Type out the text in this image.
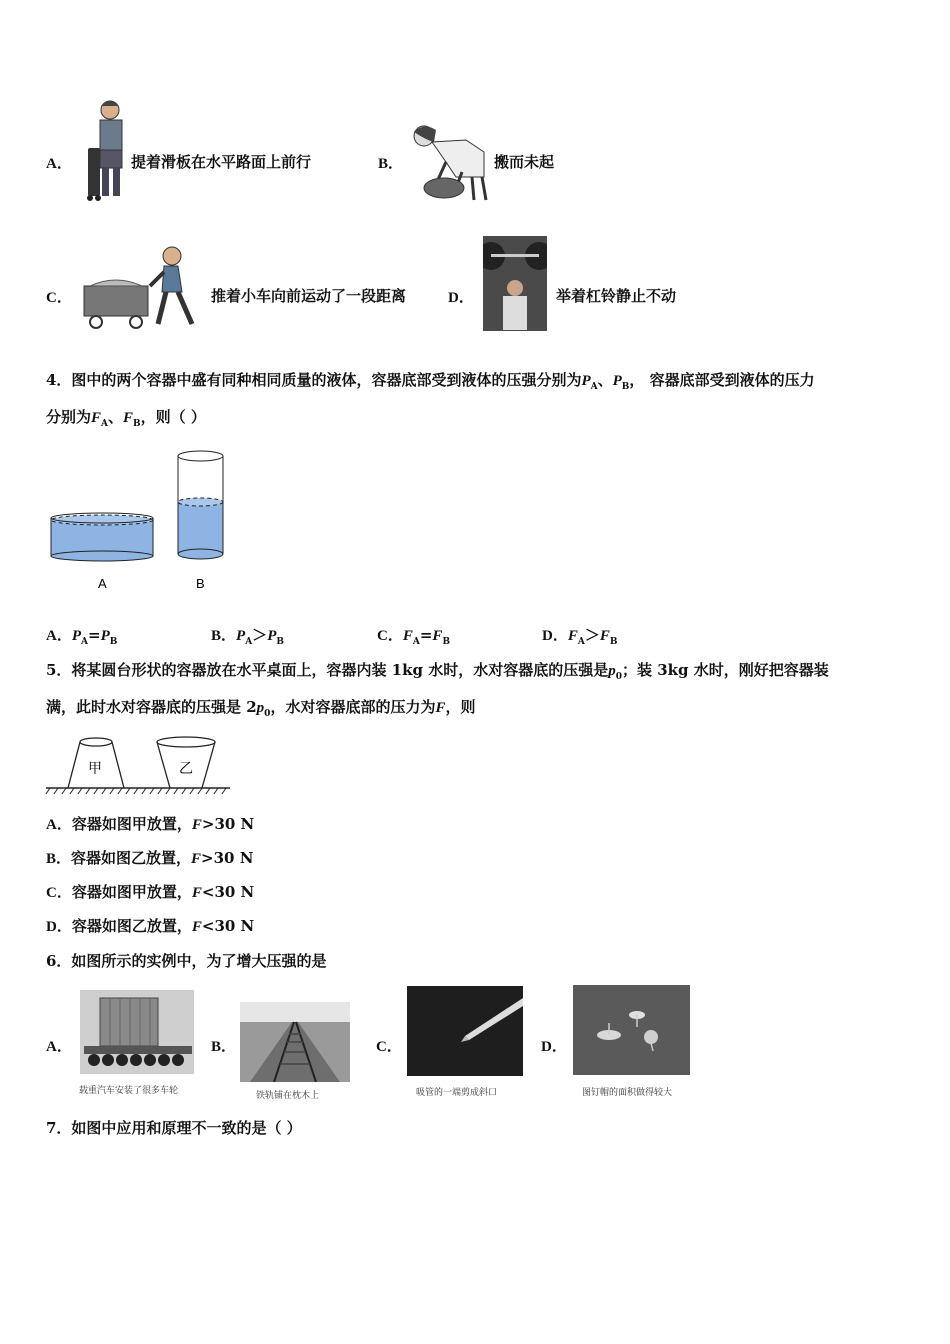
A．	提着滑板在水平路面上前行	B．	搬而未起
C．	推着小车向前运动了一段距离	D．	举着杠铃静止不动
4．图中的两个容器中盛有同种相同质量的液体，容器底部受到液体的压强分别为$P_A$、$P_B$， 容器底部受到液体的压力
分别为$F_A$、$F_B$，则（ ）
A	B
A．$P_A=P_B$	B．$P_A>P_B$	C．$F_A=F_B$	D．$F_A>F_B$
5．将某圆台形状的容器放在水平桌面上，容器内装 1kg 水时，水对容器底的压强是$p_0$；装 3kg 水时，刚好把容器装
满，此时水对容器底的压强是 $2p_0$，水对容器底部的压力为F，则
甲	乙
A．容器如图甲放置，F>30 N
B．容器如图乙放置，F>30 N
C．容器如图甲放置，F<30 N
D．容器如图乙放置，F<30 N
6．如图所示的实例中，为了增大压强的是
A．
载重汽车安装了很多车轮
B．
铁轨铺在枕木上
C．
吸管的一端剪成斜口
D．
图钉帽的面积做得较大
7．如图中应用和原理不一致的是（ ）
